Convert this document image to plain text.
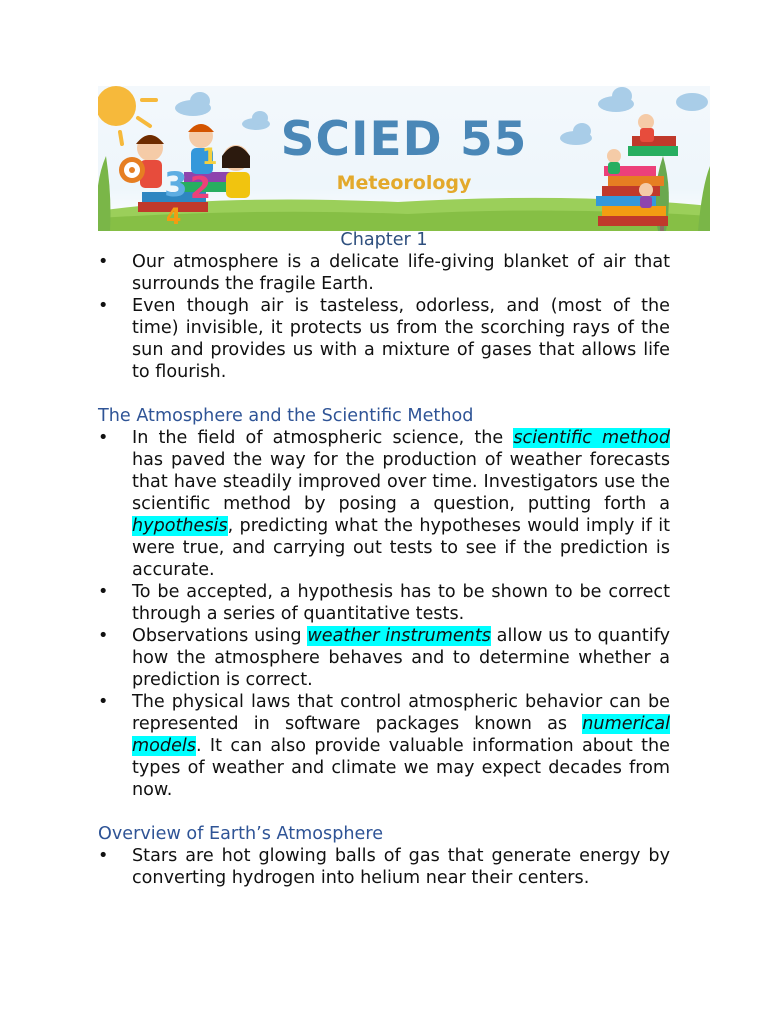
3 2
1
4
SCIED 55
Meteorology
Chapter 1
• Our atmosphere is a delicate life-giving blanket of air that surrounds the fragile Earth.
• Even though air is tasteless, odorless, and (most of the time) invisible, it protects us from the scorching rays of the sun and provides us with a mixture of gases that allows life to flourish.
The Atmosphere and the Scientific Method
• In the field of atmospheric science, the scientific method has paved the way for the production of weather forecasts that have steadily improved over time. Investigators use the scientific method by posing a question, putting forth a hypothesis, predicting what the hypotheses would imply if it were true, and carrying out tests to see if the prediction is accurate.
• To be accepted, a hypothesis has to be shown to be correct through a series of quantitative tests.
• Observations using weather instruments allow us to quantify how the atmosphere behaves and to determine whether a prediction is correct.
• The physical laws that control atmospheric behavior can be represented in software packages known as numerical models. It can also provide valuable information about the types of weather and climate we may expect decades from now.
Overview of Earth’s Atmosphere
• Stars are hot glowing balls of gas that generate energy by converting hydrogen into helium near their centers.
